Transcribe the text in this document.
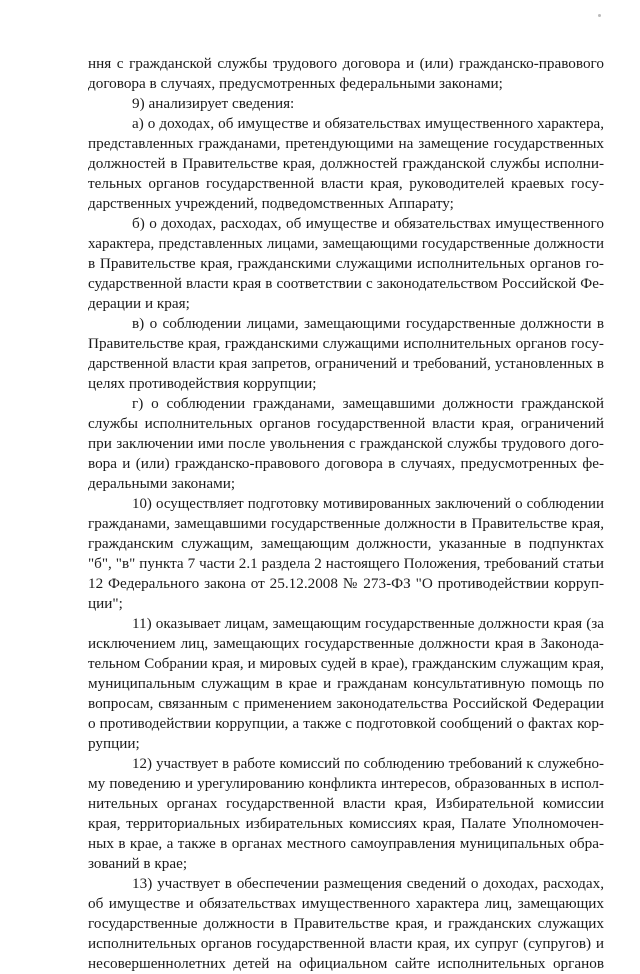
ння с гражданской службы трудового договора и (или) гражданско-правового
договора в случаях, предусмотренных федеральными законами;
9) анализирует сведения:
а) о доходах, об имуществе и обязательствах имущественного характера,
представленных гражданами, претендующими на замещение государственных
должностей в Правительстве края, должностей гражданской службы исполни-
тельных органов государственной власти края, руководителей краевых госу-
дарственных учреждений, подведомственных Аппарату;
б) о доходах, расходах, об имуществе и обязательствах имущественного
характера, представленных лицами, замещающими государственные должности
в Правительстве края, гражданскими служащими исполнительных органов го-
сударственной власти края в соответствии с законодательством Российской Фе-
дерации и края;
в) о соблюдении лицами, замещающими государственные должности в
Правительстве края, гражданскими служащими исполнительных органов госу-
дарственной власти края запретов, ограничений и требований, установленных в
целях противодействия коррупции;
г) о соблюдении гражданами, замещавшими должности гражданской
службы исполнительных органов государственной власти края, ограничений
при заключении ими после увольнения с гражданской службы трудового дого-
вора и (или) гражданско-правового договора в случаях, предусмотренных фе-
деральными законами;
10) осуществляет подготовку мотивированных заключений о соблюдении
гражданами, замещавшими государственные должности в Правительстве края,
гражданским служащим, замещающим должности, указанные в подпунктах
"б", "в" пункта 7 части 2.1 раздела 2 настоящего Положения, требований статьи
12 Федерального закона от 25.12.2008 № 273-ФЗ "О противодействии корруп-
ции";
11) оказывает лицам, замещающим государственные должности края (за
исключением лиц, замещающих государственные должности края в Законода-
тельном Собрании края, и мировых судей в крае), гражданским служащим края,
муниципальным служащим в крае и гражданам консультативную помощь по
вопросам, связанным с применением законодательства Российской Федерации
о противодействии коррупции, а также с подготовкой сообщений о фактах кор-
рупции;
12) участвует в работе комиссий по соблюдению требований к служебно-
му поведению и урегулированию конфликта интересов, образованных в испол-
нительных органах государственной власти края, Избирательной комиссии
края, территориальных избирательных комиссиях края, Палате Уполномочен-
ных в крае, а также в органах местного самоуправления муниципальных обра-
зований в крае;
13) участвует в обеспечении размещения сведений о доходах, расходах,
об имуществе и обязательствах имущественного характера лиц, замещающих
государственные должности в Правительстве края, и гражданских служащих
исполнительных органов государственной власти края, их супруг (супругов) и
несовершеннолетних детей на официальном сайте исполнительных органов
